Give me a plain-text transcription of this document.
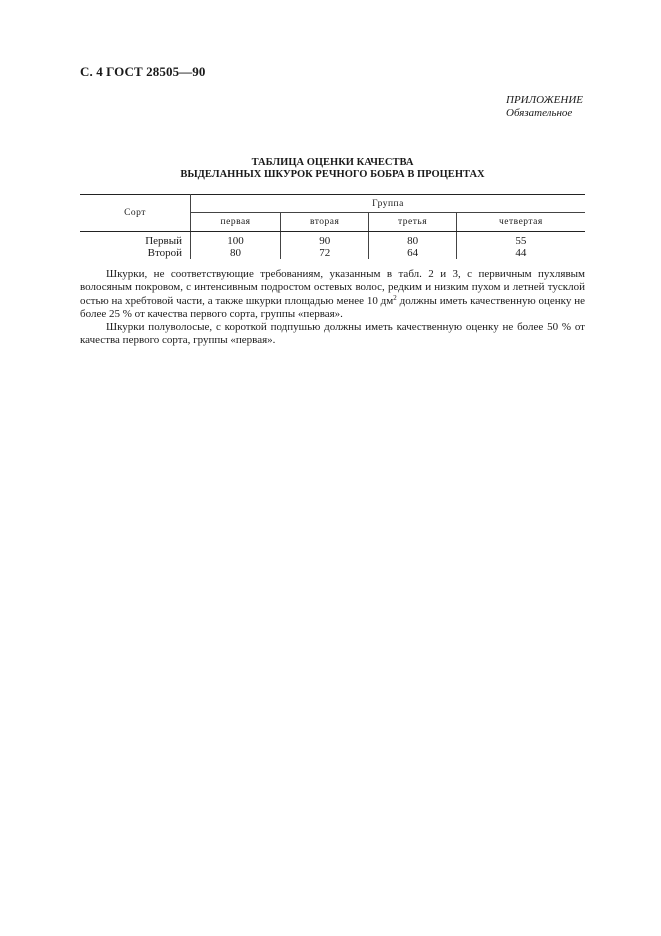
С. 4 ГОСТ 28505—90
ПРИЛОЖЕНИЕ
Обязательное
ТАБЛИЦА ОЦЕНКИ КАЧЕСТВА
ВЫДЕЛАННЫХ ШКУРОК РЕЧНОГО БОБРА В ПРОЦЕНТАХ
Сорт	Группа			
	первая	вторая	третья	четвертая
Первый	100	90	80	55
Второй	80	72	64	44

Шкурки, не соответствующие требованиям, указанным в табл. 2 и 3, с первичным пухлявым волосяным покровом, с интенсивным подростом остевых волос, редким и низким пухом и летней тусклой остью на хребтовой части, а также шкурки площадью менее 10 $дм^2$ должны иметь качественную оценку не более 25 % от качества первого сорта, группы «первая».

Шкурки полуволосые, с короткой подпушью должны иметь качественную оценку не более 50 % от качества первого сорта, группы «первая».
